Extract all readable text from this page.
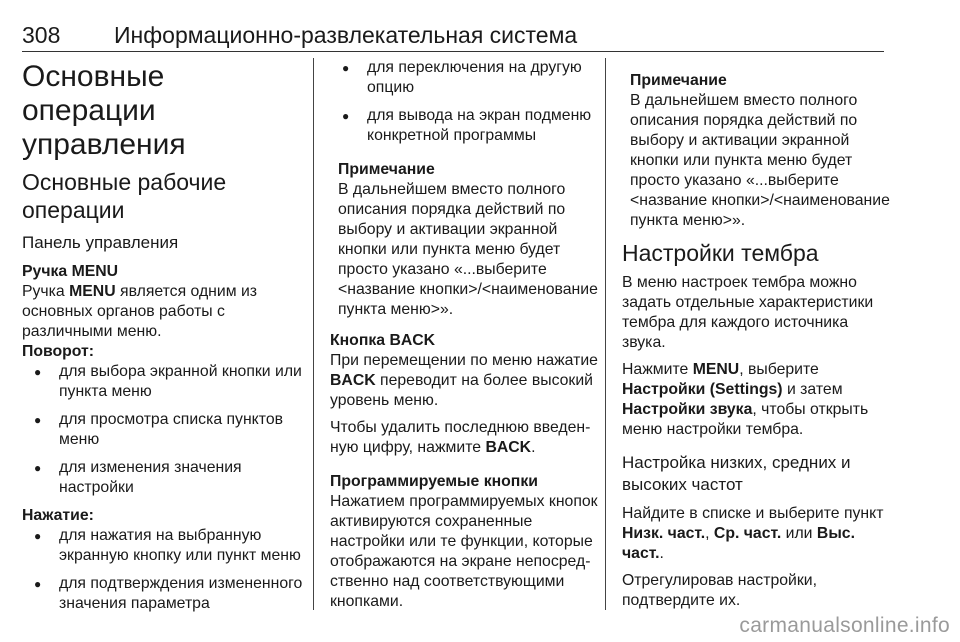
308 Информационно-развлекательная система
Основные операции управления
Основные рабочие операции
Панель управления

Ручка MENU

Ручка MENU является одним из основных органов работы с различными меню.

Поворот:

● для выбора экранной кнопки или пункта меню
● для просмотра списка пунктов меню
● для изменения значения настройки

Нажатие:

● для нажатия на выбранную экранную кнопку или пункт меню
● для подтверждения измененного значения параметра
● для переключения на другую опцию
● для вывода на экран подменю конкретной программы

Примечание

В дальнейшем вместо полного описания порядка действий по выбору и активации экранной кнопки или пункта меню будет просто указано «...выберите <название кнопки>/<наименование пункта меню>».

Кнопка BACK

При перемещении по меню нажатие BACK переводит на более высокий уровень меню.

Чтобы удалить последнюю введенную цифру, нажмите BACK.

Программируемые кнопки

Нажатием программируемых кнопок активируются сохраненные настройки или те функции, которые отображаются на экране непосредственно над соответствующими кнопками.

Примечание

В дальнейшем вместо полного описания порядка действий по выбору и активации экранной кнопки или пункта меню будет просто указано «...выберите <название кнопки>/<наименование пункта меню>».

Настройки тембра

В меню настроек тембра можно задать отдельные характеристики тембра для каждого источника звука.

Нажмите MENU, выберите Настройки (Settings) и затем Настройки звука, чтобы открыть меню настройки тембра.

Настройка низких, средних и высоких частот

Найдите в списке и выберите пункт Низк. част., Ср. част. или Выс. част..

Отрегулировав настройки, подтвердите их.

carmanualsonline.info
